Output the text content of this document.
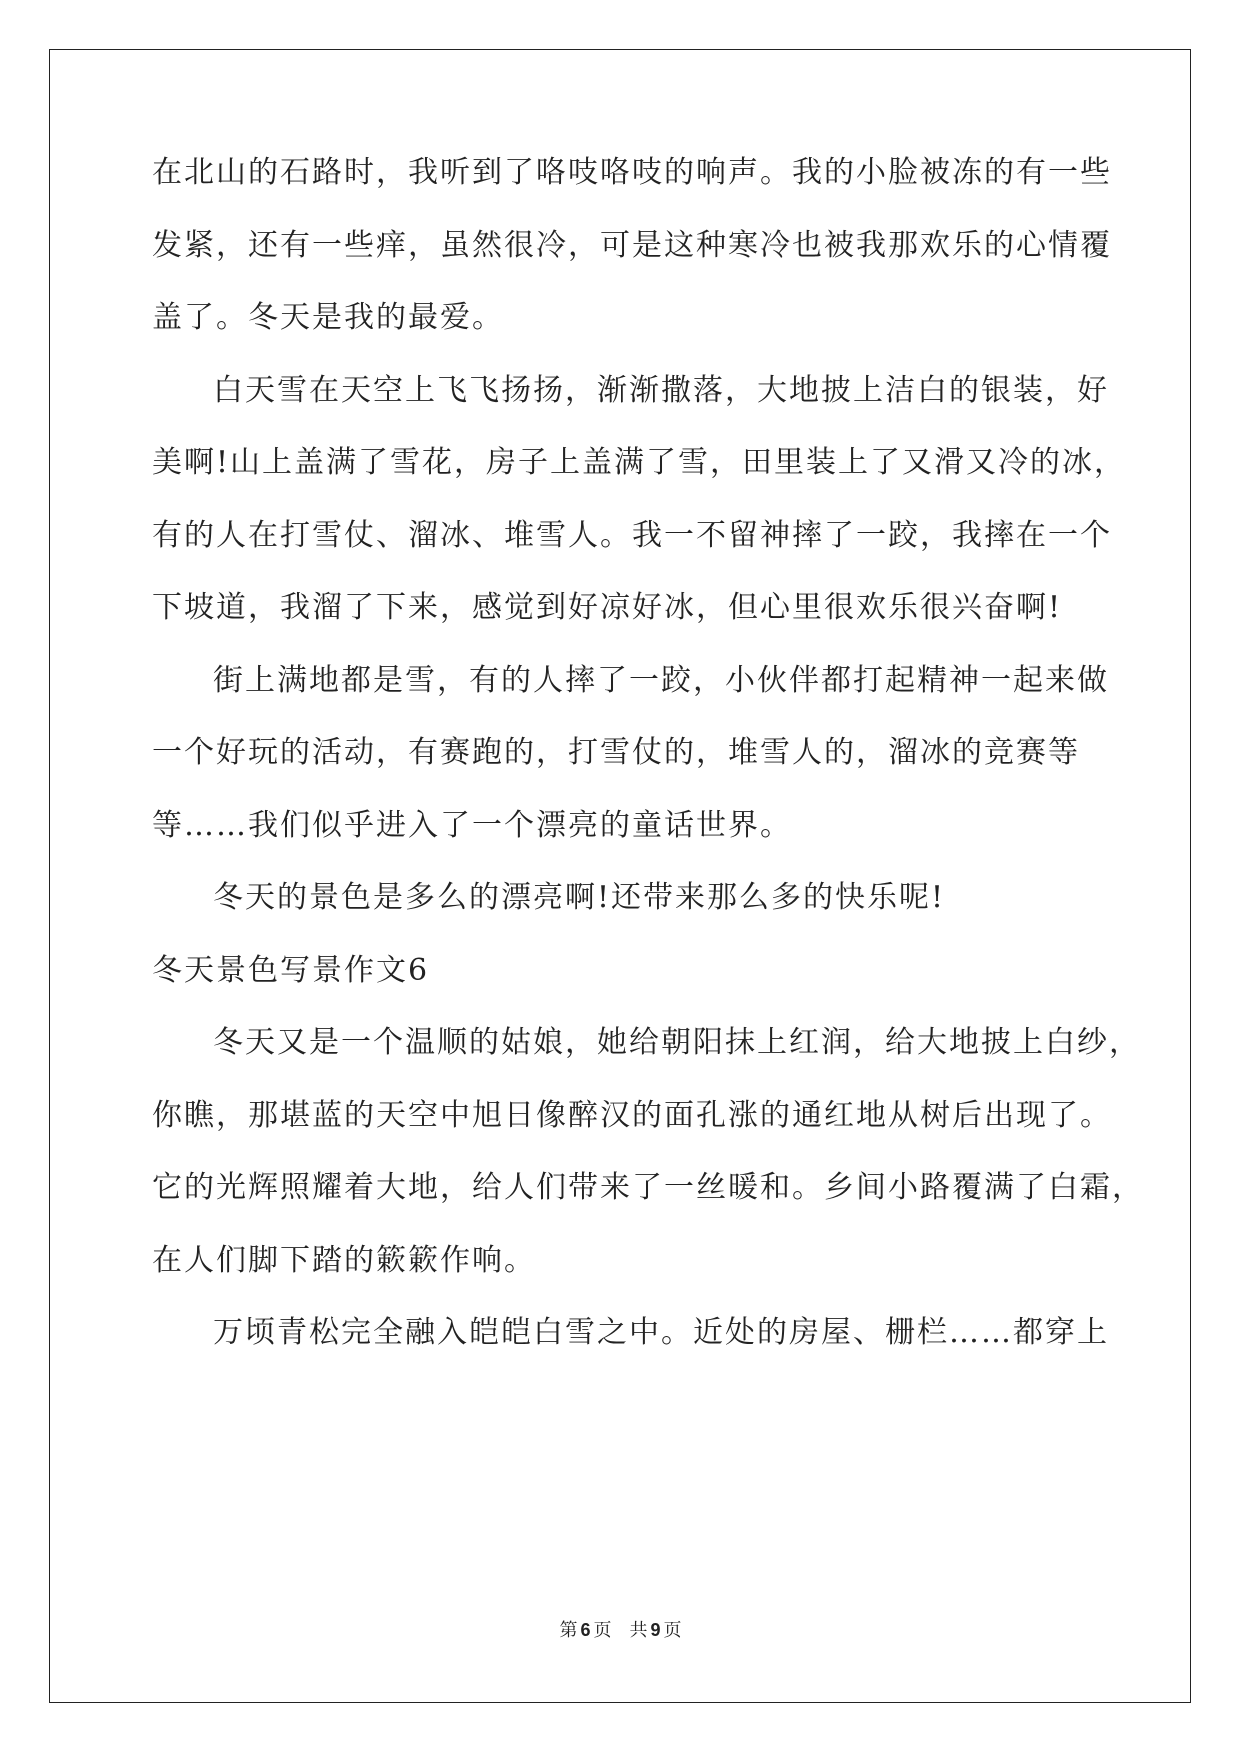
在北山的石路时，我听到了咯吱咯吱的响声。我的小脸被冻的有一些

发紧，还有一些痒，虽然很冷，可是这种寒冷也被我那欢乐的心情覆

盖了。冬天是我的最爱。

白天雪在天空上飞飞扬扬，渐渐撒落，大地披上洁白的银装，好

美啊!山上盖满了雪花，房子上盖满了雪，田里装上了又滑又冷的冰，

有的人在打雪仗、溜冰、堆雪人。我一不留神摔了一跤，我摔在一个

下坡道，我溜了下来，感觉到好凉好冰，但心里很欢乐很兴奋啊!

街上满地都是雪，有的人摔了一跤，小伙伴都打起精神一起来做

一个好玩的活动，有赛跑的，打雪仗的，堆雪人的，溜冰的竞赛等

等……我们似乎进入了一个漂亮的童话世界。

冬天的景色是多么的漂亮啊!还带来那么多的快乐呢!

冬天景色写景作文6

冬天又是一个温顺的姑娘，她给朝阳抹上红润，给大地披上白纱，

你瞧，那堪蓝的天空中旭日像醉汉的面孔涨的通红地从树后出现了。

它的光辉照耀着大地，给人们带来了一丝暖和。乡间小路覆满了白霜，

在人们脚下踏的簌簌作响。

万顷青松完全融入皑皑白雪之中。近处的房屋、栅栏……都穿上

第 6 页 共 9 页
